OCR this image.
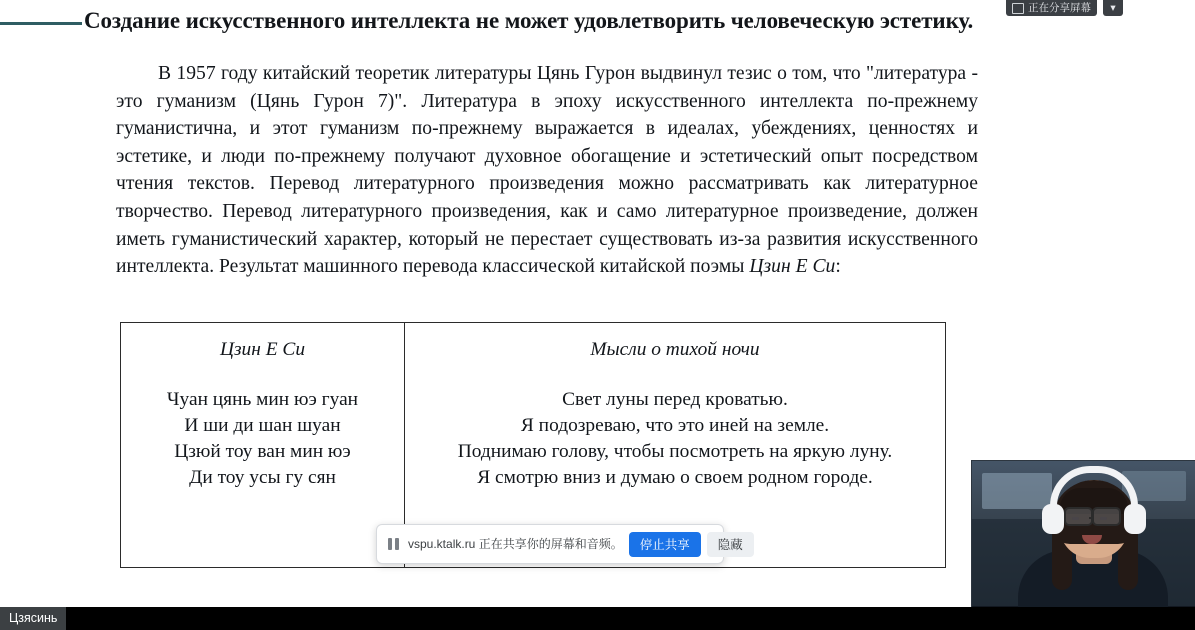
Создание искусственного интеллекта не может удовлетворить человеческую эстетику.
В 1957 году китайский теоретик литературы Цянь Гурон выдвинул тезис о том, что "литература - это гуманизм (Цянь Гурон 7)". Литература в эпоху искусственного интеллекта по-прежнему гуманистична, и этот гуманизм по-прежнему выражается в идеалах, убеждениях, ценностях и эстетике, и люди по-прежнему получают духовное обогащение и эстетический опыт посредством чтения текстов. Перевод литературного произведения можно рассматривать как литературное творчество. Перевод литературного произведения, как и само литературное произведение, должен иметь гуманистический характер, который не перестает существовать из-за развития искусственного интеллекта. Результат машинного перевода классической китайской поэмы Цзин Е Си:
Цзин Е Си
Чуан цянь мин юэ гуан
И ши ди шан шуан
Цзюй тоу ван мин юэ
Ди тоу усы гу сян
Мысли о тихой ночи
Свет луны перед кроватью.
Я подозреваю, что это иней на земле.
Поднимаю голову, чтобы посмотреть на яркую луну.
Я смотрю вниз и думаю о своем родном городе.
正在分享屏幕 ▾
vspu.ktalk.ru 正在共享你的屏幕和音频。	停止共享	隐藏
Цзясинь
